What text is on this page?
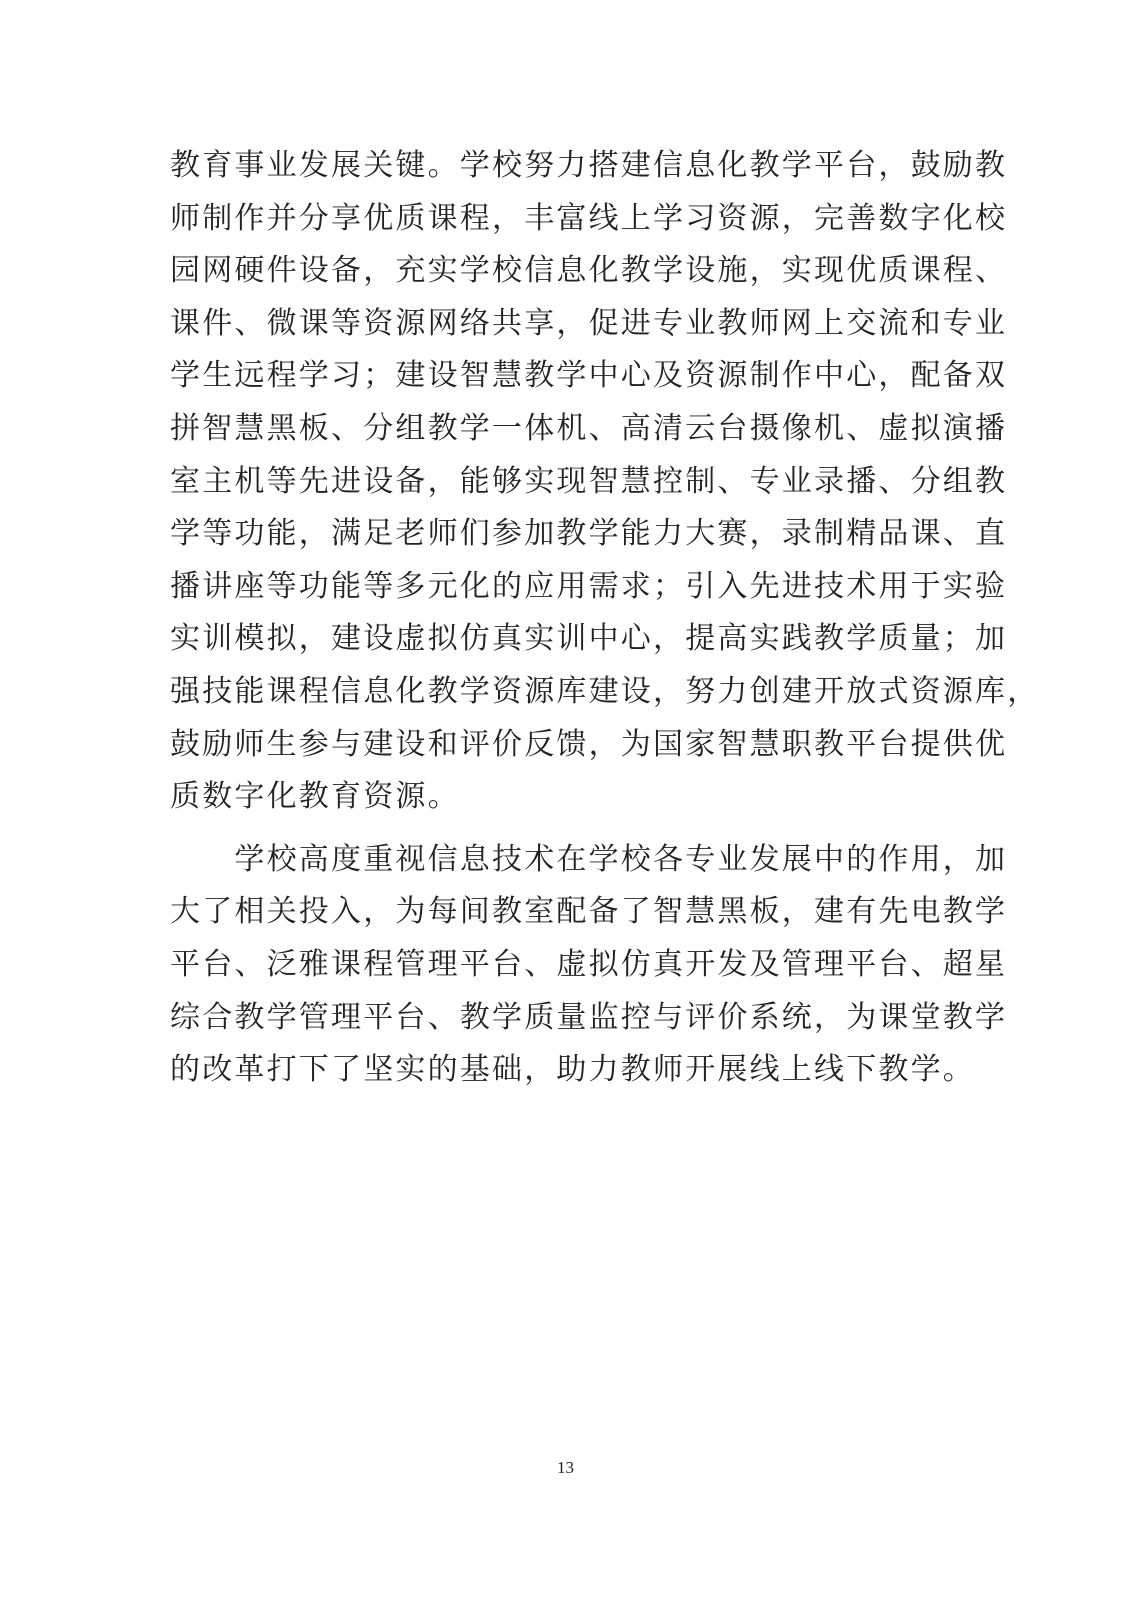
教育事业发展关键。学校努力搭建信息化教学平台，鼓励教
师制作并分享优质课程，丰富线上学习资源，完善数字化校
园网硬件设备，充实学校信息化教学设施，实现优质课程、
课件、微课等资源网络共享，促进专业教师网上交流和专业
学生远程学习；建设智慧教学中心及资源制作中心，配备双
拼智慧黑板、分组教学一体机、高清云台摄像机、虚拟演播
室主机等先进设备，能够实现智慧控制、专业录播、分组教
学等功能，满足老师们参加教学能力大赛，录制精品课、直
播讲座等功能等多元化的应用需求；引入先进技术用于实验
实训模拟，建设虚拟仿真实训中心，提高实践教学质量；加
强技能课程信息化教学资源库建设，努力创建开放式资源库，
鼓励师生参与建设和评价反馈，为国家智慧职教平台提供优
质数字化教育资源。
　　学校高度重视信息技术在学校各专业发展中的作用，加
大了相关投入，为每间教室配备了智慧黑板，建有先电教学
平台、泛雅课程管理平台、虚拟仿真开发及管理平台、超星
综合教学管理平台、教学质量监控与评价系统，为课堂教学
的改革打下了坚实的基础，助力教师开展线上线下教学。
13
